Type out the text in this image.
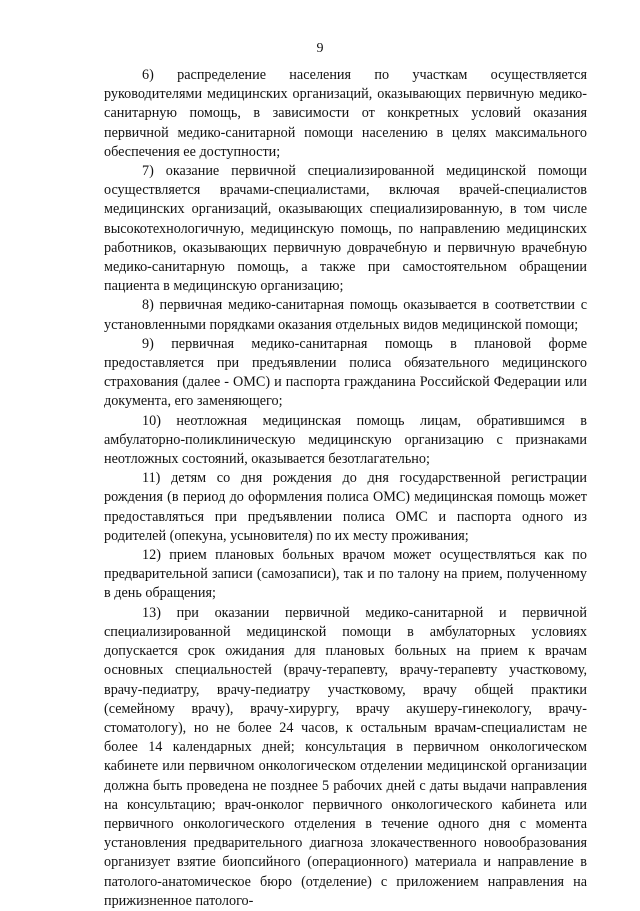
9

6) распределение населения по участкам осуществляется руководителями медицинских организаций, оказывающих первичную медико-санитарную помощь, в зависимости от конкретных условий оказания первичной медико-санитарной помощи населению в целях максимального обеспечения ее доступности;

7) оказание первичной специализированной медицинской помощи осуществляется врачами-специалистами, включая врачей-специалистов медицинских организаций, оказывающих специализированную, в том числе высокотехнологичную, медицинскую помощь, по направлению медицинских работников, оказывающих первичную доврачебную и первичную врачебную медико-санитарную помощь, а также при самостоятельном обращении пациента в медицинскую организацию;

8) первичная медико-санитарная помощь оказывается в соответствии с установленными порядками оказания отдельных видов медицинской помощи;

9) первичная медико-санитарная помощь в плановой форме предоставляется при предъявлении полиса обязательного медицинского страхования (далее - ОМС) и паспорта гражданина Российской Федерации или документа, его заменяющего;

10) неотложная медицинская помощь лицам, обратившимся в амбулаторно-поликлиническую медицинскую организацию с признаками неотложных состояний, оказывается безотлагательно;

11) детям со дня рождения до дня государственной регистрации рождения (в период до оформления полиса ОМС) медицинская помощь может предоставляться при предъявлении полиса ОМС и паспорта одного из родителей (опекуна, усыновителя) по их месту проживания;

12) прием плановых больных врачом может осуществляться как по предварительной записи (самозаписи), так и по талону на прием, полученному в день обращения;

13) при оказании первичной медико-санитарной и первичной специализированной медицинской помощи в амбулаторных условиях допускается срок ожидания для плановых больных на прием к врачам основных специальностей (врачу-терапевту, врачу-терапевту участковому, врачу-педиатру, врачу-педиатру участковому, врачу общей практики (семейному врачу), врачу-хирургу, врачу акушеру-гинекологу, врачу-стоматологу), но не более 24 часов, к остальным врачам-специалистам не более 14 календарных дней; консультация в первичном онкологическом кабинете или первичном онкологическом отделении медицинской организации должна быть проведена не позднее 5 рабочих дней с даты выдачи направления на консультацию; врач-онколог первичного онкологического кабинета или первичного онкологического отделения в течение одного дня с момента установления предварительного диагноза злокачественного новообразования организует взятие биопсийного (операционного) материала и направление в патолого-анатомическое бюро (отделение) с приложением направления на прижизненное патолого-
